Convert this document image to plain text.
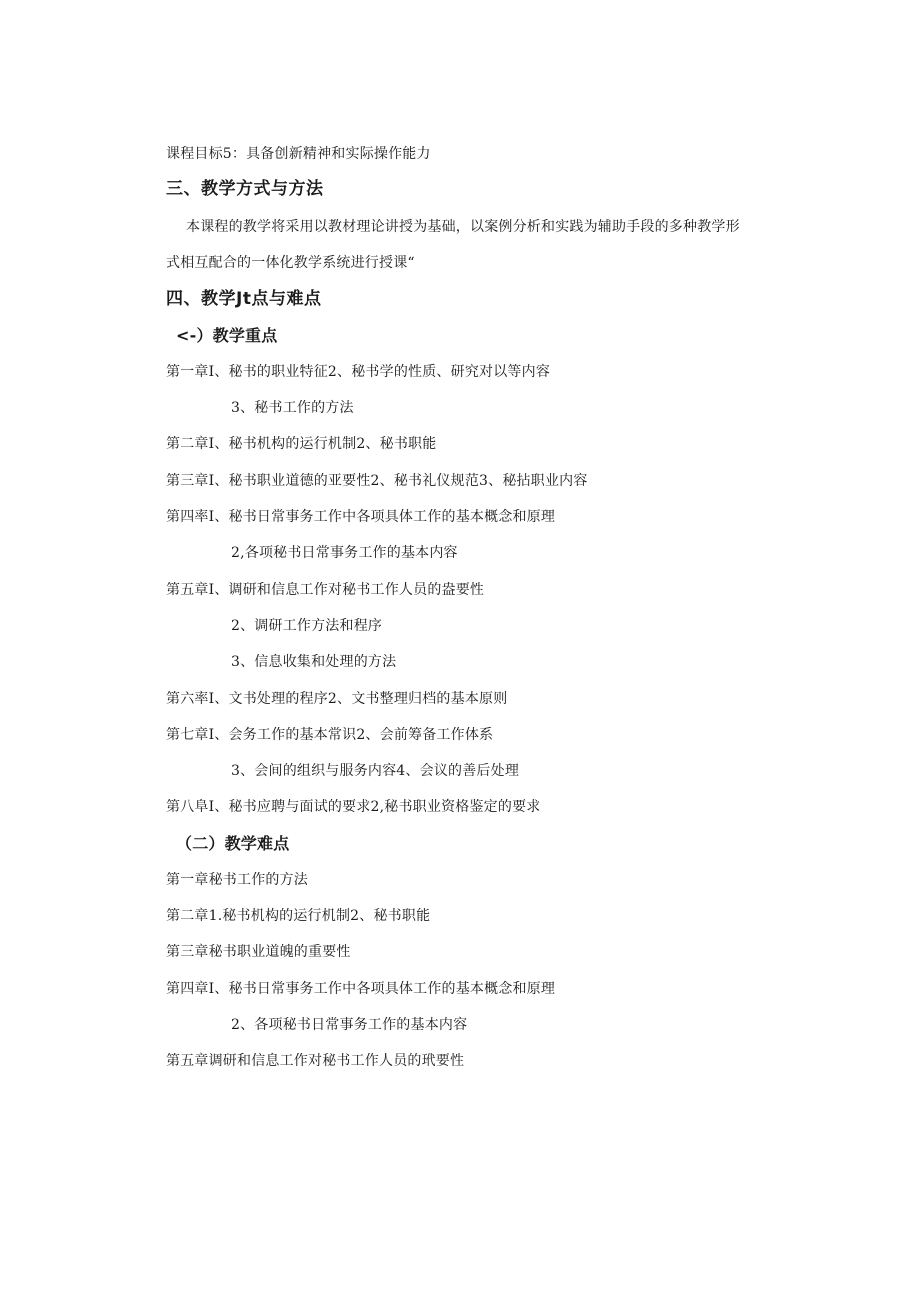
课程目标5：具备创新精神和实际操作能力
三、教学方式与方法
本课程的教学将采用以教材理论讲授为基础，以案例分析和实践为辅助手段的多种教学形
式相互配合的一体化教学系统进行授课“
四、教学Jt点与难点
<-）教学重点
第一章I、秘书的职业特征2、秘书学的性质、研究对以等内容
3、秘书工作的方法
第二章I、秘书机构的运行机制2、秘书职能
第三章I、秘书职业道德的亚要性2、秘书礼仪规范3、秘拈职业内容
第四率I、秘书日常事务工作中各项具体工作的基本概念和原理
2,各项秘书日常事务工作的基本内容
第五章I、调研和信息工作对秘书工作人员的盎要性
2、调研工作方法和程序
3、信息收集和处理的方法
第六率I、文书处理的程序2、文书整理归档的基本原则
第七章I、会务工作的基本常识2、会前筹备工作体系
3、会间的组织与服务内容4、会议的善后处理
第八阜I、秘书应聘与面试的要求2,秘书职业资格鉴定的要求
（二）教学难点
第一章秘书工作的方法
第二章1.秘书机构的运行机制2、秘书职能
第三章秘书职业道魄的重要性
第四章I、秘书日常事务工作中各项具体工作的基本概念和原理
2、各项秘书日常事务工作的基本内容
第五章调研和信息工作对秘书工作人员的玳要性
